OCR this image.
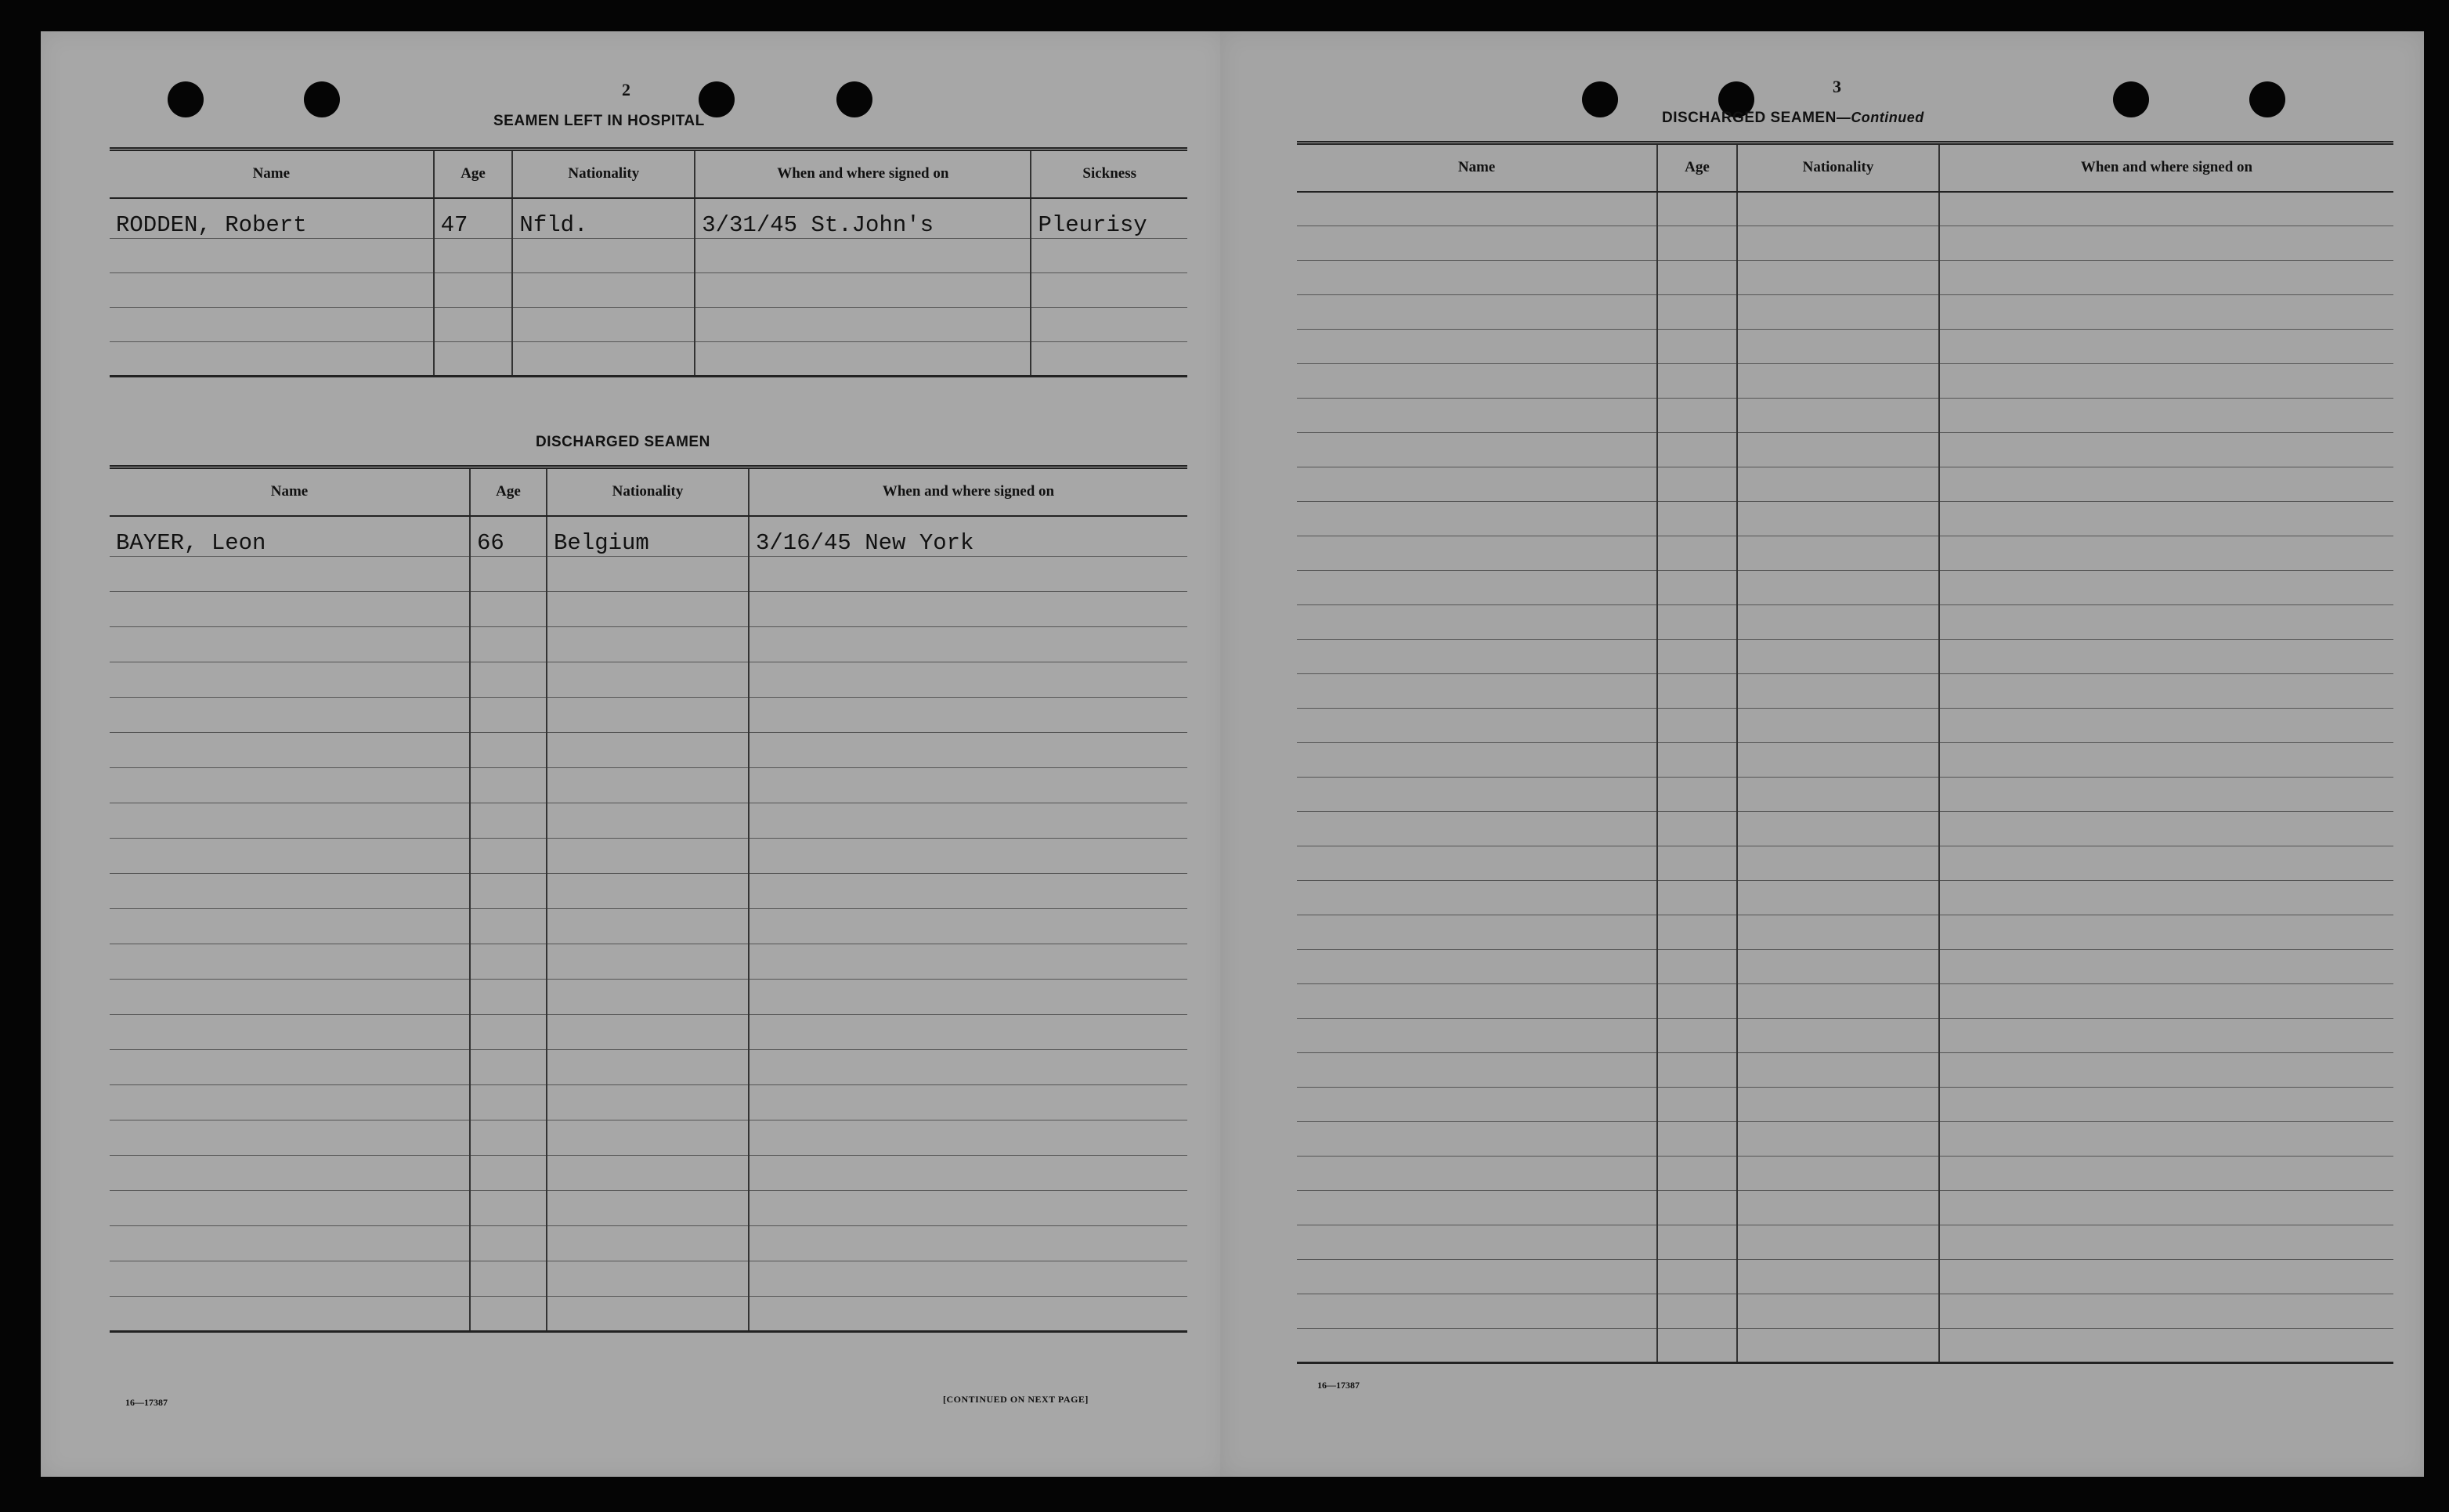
2
SEAMEN LEFT IN HOSPITAL
Name	Age	Nationality	When and where signed on	Sickness
RODDEN, Robert	47	Nfld.	3/31/45 St.John's	Pleurisy

DISCHARGED SEAMEN
Name	Age	Nationality	When and where signed on
BAYER, Leon	66	Belgium	3/16/45 New York

16—17387	[CONTINUED ON NEXT PAGE]
3
DISCHARGED SEAMEN—Continued
Name	Age	Nationality	When and where signed on

16—17387
